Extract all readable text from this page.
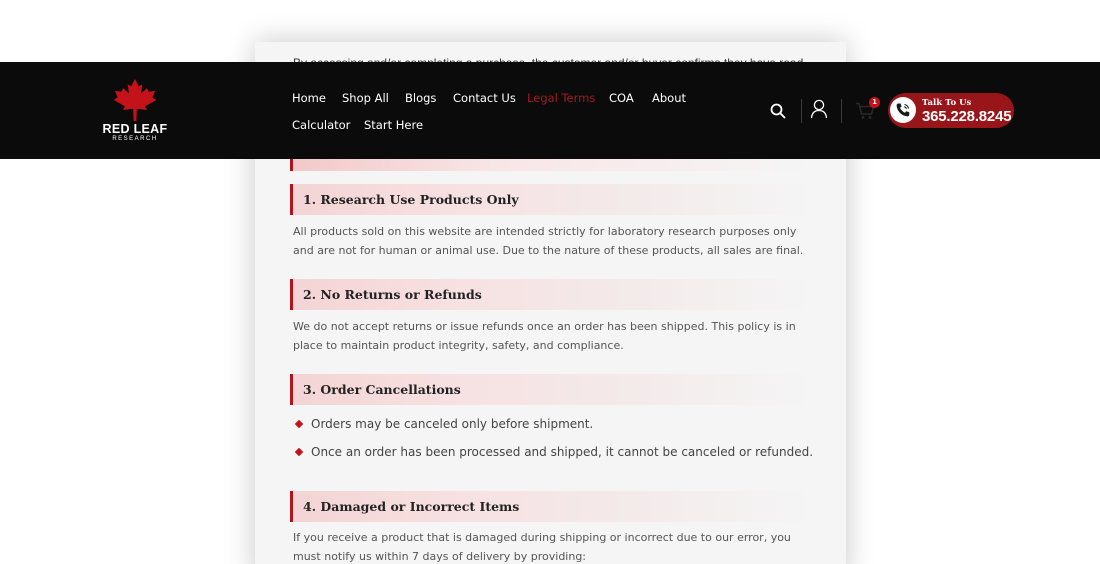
1. Research Use Products Only
All products sold on this website are intended strictly for laboratory research purposes only and are not for human or animal use. Due to the nature of these products, all sales are final.
2. No Returns or Refunds
We do not accept returns or issue refunds once an order has been shipped. This policy is in place to maintain product integrity, safety, and compliance.
3. Order Cancellations
Orders may be canceled only before shipment.
Once an order has been processed and shipped, it cannot be canceled or refunded.
4. Damaged or Incorrect Items
If you receive a product that is damaged during shipping or incorrect due to our error, you must notify us within 7 days of delivery by providing:
RED LEAF
RESEARCH
Home Shop All Blogs Contact Us Legal Terms COA About
Calculator Start Here
1	Talk To Us
365.228.8245
